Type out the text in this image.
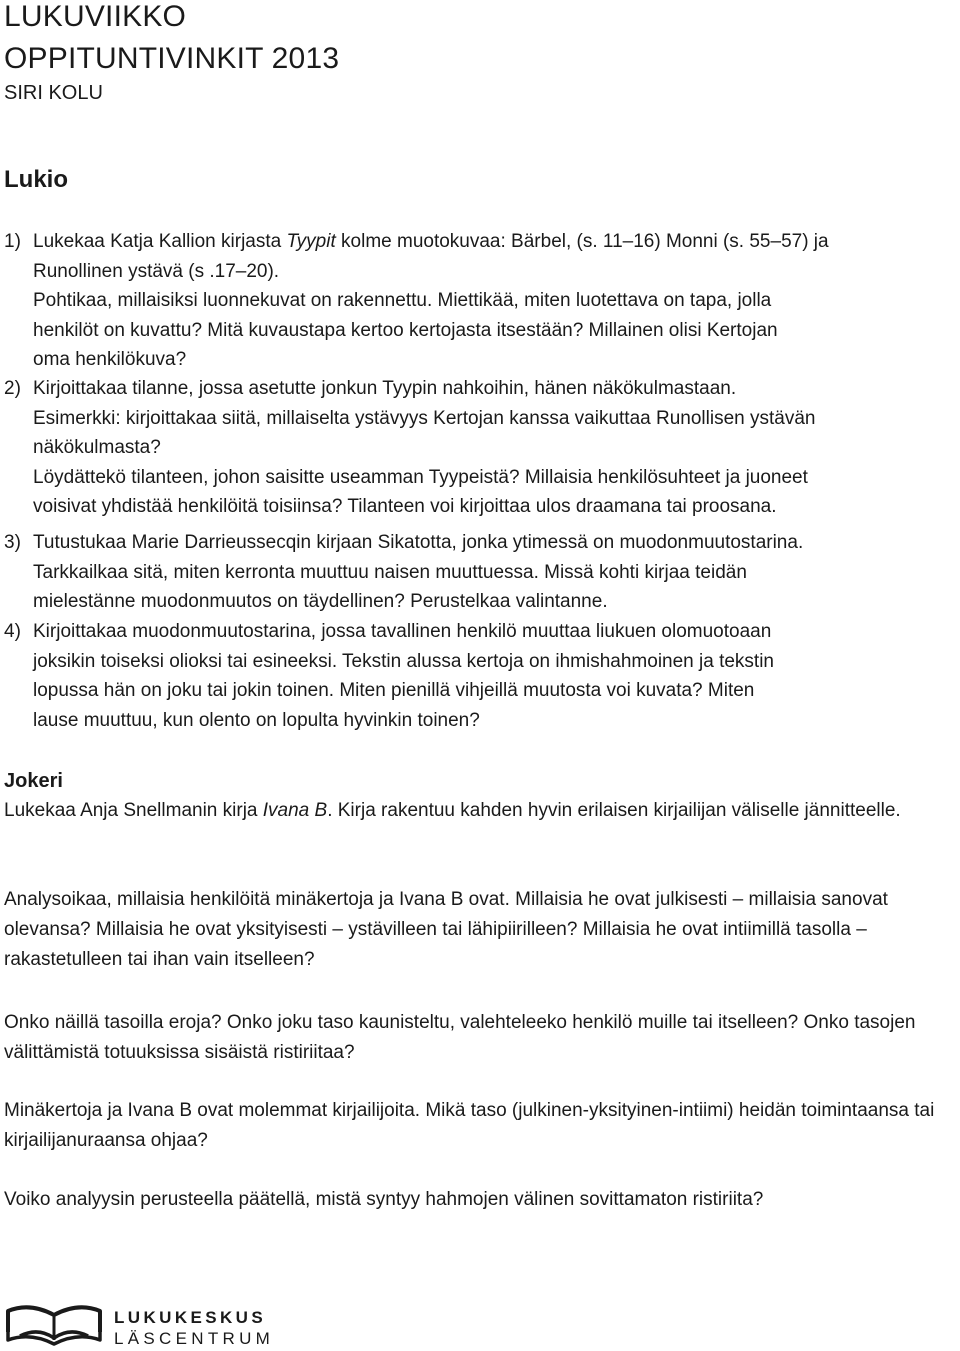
LUKUVIIKKO
OPPITUNTIVINKIT 2013
SIRI KOLU
Lukio
1) Lukekaa Katja Kallion kirjasta Tyypit kolme muotokuvaa: Bärbel, (s. 11–16) Monni (s. 55–57) ja
Runollinen ystävä (s .17–20).
Pohtikaa, millaisiksi luonnekuvat on rakennettu. Miettikää, miten luotettava on tapa, jolla
henkilöt on kuvattu? Mitä kuvaustapa kertoo kertojasta itsestään? Millainen olisi Kertojan
oma henkilökuva?
2) Kirjoittakaa tilanne, jossa asetutte jonkun Tyypin nahkoihin, hänen näkökulmastaan.
Esimerkki: kirjoittakaa siitä, millaiselta ystävyys Kertojan kanssa vaikuttaa Runollisen ystävän
näkökulmasta?
Löydättekö tilanteen, johon saisitte useamman Tyypeistä? Millaisia henkilösuhteet ja juoneet
voisivat yhdistää henkilöitä toisiinsa? Tilanteen voi kirjoittaa ulos draamana tai proosana.
3) Tutustukaa Marie Darrieussecqin kirjaan Sikatotta, jonka ytimessä on muodonmuutostarina.
Tarkkailkaa sitä, miten kerronta muuttuu naisen muuttuessa. Missä kohti kirjaa teidän
mielestänne muodonmuutos on täydellinen? Perustelkaa valintanne.
4) Kirjoittakaa muodonmuutostarina, jossa tavallinen henkilö muuttaa liukuen olomuotoaan
joksikin toiseksi olioksi tai esineeksi. Tekstin alussa kertoja on ihmishahmoinen ja tekstin
lopussa hän on joku tai jokin toinen. Miten pienillä vihjeillä muutosta voi kuvata? Miten
lause muuttuu, kun olento on lopulta hyvinkin toinen?
Jokeri

Lukekaa Anja Snellmanin kirja Ivana B. Kirja rakentuu kahden hyvin erilaisen kirjailijan väliselle jännitteelle.

Analysoikaa, millaisia henkilöitä minäkertoja ja Ivana B ovat. Millaisia he ovat julkisesti – millaisia sanovat olevansa? Millaisia he ovat yksityisesti – ystävilleen tai lähipiirilleen? Millaisia he ovat intiimillä tasolla – rakastetulleen tai ihan vain itselleen?

Onko näillä tasoilla eroja? Onko joku taso kaunisteltu, valehteleeko henkilö muille tai itselleen? Onko tasojen välittämistä totuuksissa sisäistä ristiriitaa?

Minäkertoja ja Ivana B ovat molemmat kirjailijoita. Mikä taso (julkinen-yksityinen-intiimi) heidän toimintaansa tai kirjailijanuraansa ohjaa?

Voiko analyysin perusteella päätellä, mistä syntyy hahmojen välinen sovittamaton ristiriita?

LUKUKESKUS
LÄSCENTRUM
